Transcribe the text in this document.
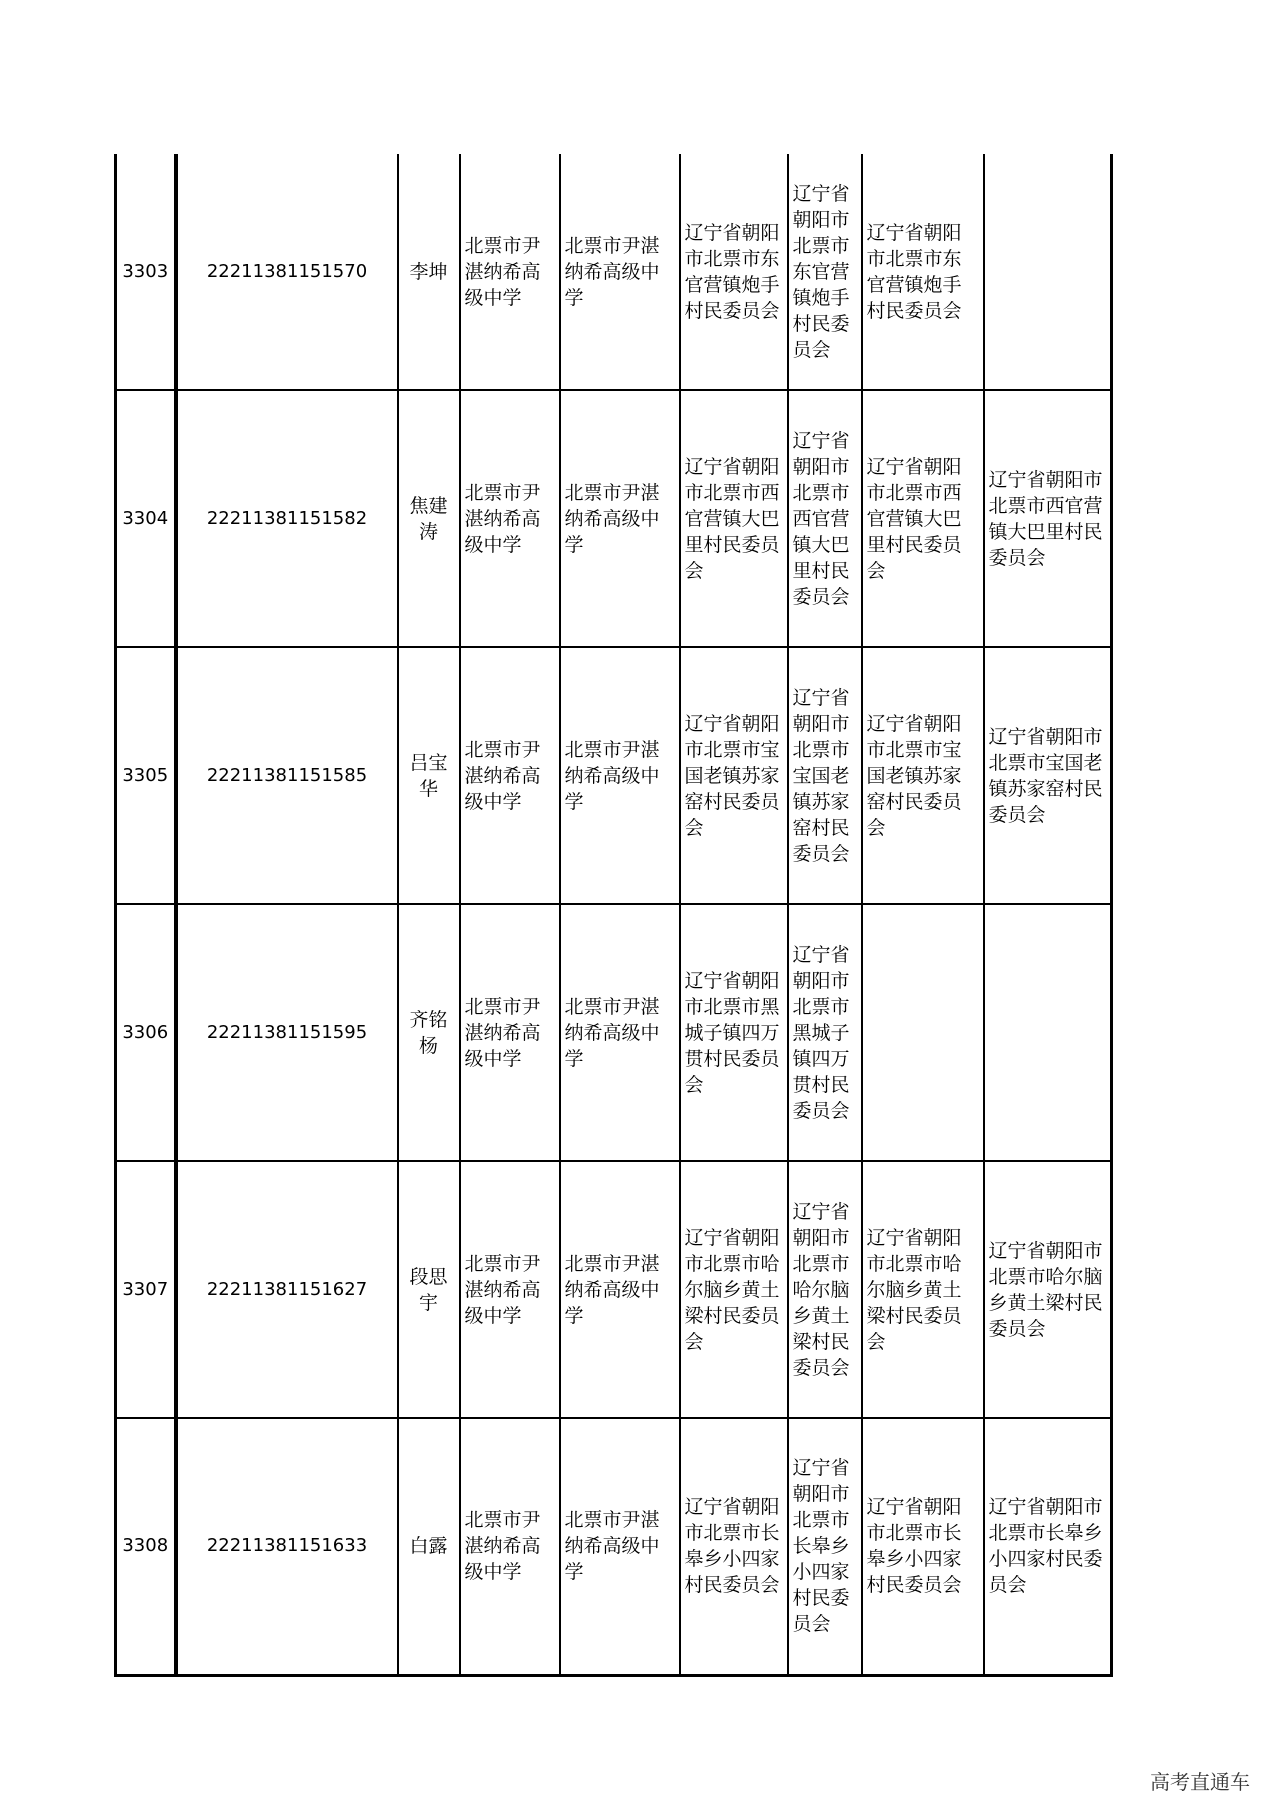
3303	22211381151570	李坤	北票市尹湛纳希高级中学	北票市尹湛纳希高级中学	辽宁省朝阳市北票市东官营镇炮手村民委员会	辽宁省朝阳市北票市东官营镇炮手村民委员会	辽宁省朝阳市北票市东官营镇炮手村民委员会	
3304	22211381151582	焦建涛	北票市尹湛纳希高级中学	北票市尹湛纳希高级中学	辽宁省朝阳市北票市西官营镇大巴里村民委员会	辽宁省朝阳市北票市西官营镇大巴里村民委员会	辽宁省朝阳市北票市西官营镇大巴里村民委员会	辽宁省朝阳市北票市西官营镇大巴里村民委员会
3305	22211381151585	吕宝华	北票市尹湛纳希高级中学	北票市尹湛纳希高级中学	辽宁省朝阳市北票市宝国老镇苏家窑村民委员会	辽宁省朝阳市北票市宝国老镇苏家窑村民委员会	辽宁省朝阳市北票市宝国老镇苏家窑村民委员会	辽宁省朝阳市北票市宝国老镇苏家窑村民委员会
3306	22211381151595	齐铭杨	北票市尹湛纳希高级中学	北票市尹湛纳希高级中学	辽宁省朝阳市北票市黑城子镇四万贯村民委员会	辽宁省朝阳市北票市黑城子镇四万贯村民委员会		
3307	22211381151627	段思宇	北票市尹湛纳希高级中学	北票市尹湛纳希高级中学	辽宁省朝阳市北票市哈尔脑乡黄土梁村民委员会	辽宁省朝阳市北票市哈尔脑乡黄土梁村民委员会	辽宁省朝阳市北票市哈尔脑乡黄土梁村民委员会	辽宁省朝阳市北票市哈尔脑乡黄土梁村民委员会
3308	22211381151633	白露	北票市尹湛纳希高级中学	北票市尹湛纳希高级中学	辽宁省朝阳市北票市长皋乡小四家村民委员会	辽宁省朝阳市北票市长皋乡小四家村民委员会	辽宁省朝阳市北票市长皋乡小四家村民委员会	辽宁省朝阳市北票市长皋乡小四家村民委员会
高考直通车
